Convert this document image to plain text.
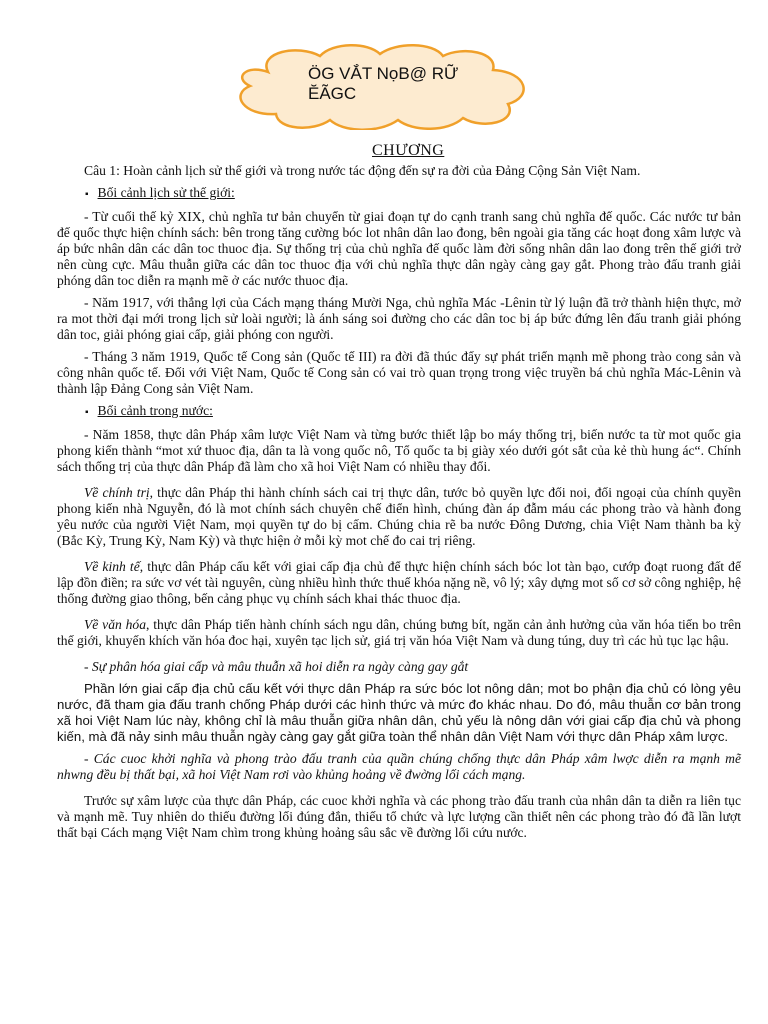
ÖG VẮT NọB@ RỮ ĔÃGC
CHƯƠNG

Câu 1: Hoàn cảnh lịch sử thế giới và trong nước tác động đến sự ra đời của Đảng Cộng Sản Việt Nam.

▪ Bối cảnh lịch sử thế giới:

- Từ cuối thế kỷ XIX, chủ nghĩa tư bản chuyển từ giai đoạn tự do cạnh tranh sang chủ nghĩa đế quốc. Các nước tư bản đế quốc thực hiện chính sách: bên trong tăng cường bóc lot nhân dân lao đong, bên ngoài gia tăng các hoạt đong xâm lược và áp bức nhân dân các dân toc thuoc địa. Sự thống trị của chủ nghĩa đế quốc làm đời sống nhân dân lao đong trên thế giới trở nên cùng cực. Mâu thuẫn giữa các dân toc thuoc địa với chủ nghĩa thực dân ngày càng gay gắt. Phong trào đấu tranh giải phóng dân toc diễn ra mạnh mẽ ở các nước thuoc địa.

- Năm 1917, với thắng lợi của Cách mạng tháng Mười Nga, chủ nghĩa Mác -Lênin từ lý luận đã trở thành hiện thực, mở ra mot thời đại mới trong lịch sử loài người; là ánh sáng soi đường cho các dân toc bị áp bức đứng lên đấu tranh giải phóng dân toc, giải phóng giai cấp, giải phóng con người.

- Tháng 3 năm 1919, Quốc tế Cong sản (Quốc tế III) ra đời đã thúc đẩy sự phát triển mạnh mẽ phong trào cong sản và công nhân quốc tế. Đối với Việt Nam, Quốc tế Cong sản có vai trò quan trọng trong việc truyền bá chủ nghĩa Mác-Lênin và thành lập Đảng Cong sản Việt Nam.

▪ Bối cảnh trong nước:

- Năm 1858, thực dân Pháp xâm lược Việt Nam và từng bước thiết lập bo máy thống trị, biến nước ta từ mot quốc gia phong kiến thành “mot xứ thuoc địa, dân ta là vong quốc nô, Tổ quốc ta bị giày xéo dưới gót sắt của kẻ thù hung ác“. Chính sách thống trị của thực dân Pháp đã làm cho xã hoi Việt Nam có nhiều thay đổi.

Về chính trị, thực dân Pháp thi hành chính sách cai trị thực dân, tước bỏ quyền lực đối noi, đối ngoại của chính quyền phong kiến nhà Nguyễn, đó là mot chính sách chuyên chế điển hình, chúng đàn áp đẫm máu các phong trào và hành đong yêu nước của người Việt Nam, mọi quyền tự do bị cấm. Chúng chia rẽ ba nước Đông Dương, chia Việt Nam thành ba kỳ (Bắc Kỳ, Trung Kỳ, Nam Kỳ) và thực hiện ở mỗi kỳ mot chế đo cai trị riêng.

Về kinh tế, thực dân Pháp cấu kết với giai cấp địa chủ để thực hiện chính sách bóc lot tàn bạo, cướp đoạt ruong đất để lập đồn điền; ra sức vơ vét tài nguyên, cùng nhiều hình thức thuế khóa nặng nề, vô lý; xây dựng mot số cơ sở công nghiệp, hệ thống đường giao thông, bến cảng phục vụ chính sách khai thác thuoc địa.

Về văn hóa, thực dân Pháp tiến hành chính sách ngu dân, chúng bưng bít, ngăn cản ảnh hưởng của văn hóa tiến bo trên thế giới, khuyến khích văn hóa đoc hại, xuyên tạc lịch sử, giá trị văn hóa Việt Nam và dung túng, duy trì các hủ tục lạc hậu.

- Sự phân hóa giai cấp và mâu thuẫn xã hoi diễn ra ngày càng gay gắt

Phần lớn giai cấp địa chủ cấu kết với thực dân Pháp ra sức bóc lot nông dân; mot bo phận địa chủ có lòng yêu nước, đã tham gia đấu tranh chống Pháp dưới các hình thức và mức đo khác nhau. Do đó, mâu thuẫn cơ bản trong xã hoi Việt Nam lúc này, không chỉ là mâu thuẫn giữa nhân dân, chủ yếu là nông dân với giai cấp địa chủ và phong kiến, mà đã nảy sinh mâu thuẫn ngày càng gay gắt giữa toàn thể nhân dân Việt Nam với thực dân Pháp xâm lược.

- Các cuoc khởi nghĩa và phong trào đấu tranh của quần chúng chống thực dân Pháp xâm lwợc diễn ra mạnh mẽ nhwng đều bị thất bại, xã hoi Việt Nam rơi vào khủng hoảng về đwờng lối cách mạng.

Trước sự xâm lược của thực dân Pháp, các cuoc khởi nghĩa và các phong trào đấu tranh của nhân dân ta diễn ra liên tục và mạnh mẽ. Tuy nhiên do thiếu đường lối đúng đắn, thiếu tổ chức và lực lượng cần thiết nên các phong trào đó đã lần lượt thất bại Cách mạng Việt Nam chìm trong khủng hoảng sâu sắc về đường lối cứu nước.
